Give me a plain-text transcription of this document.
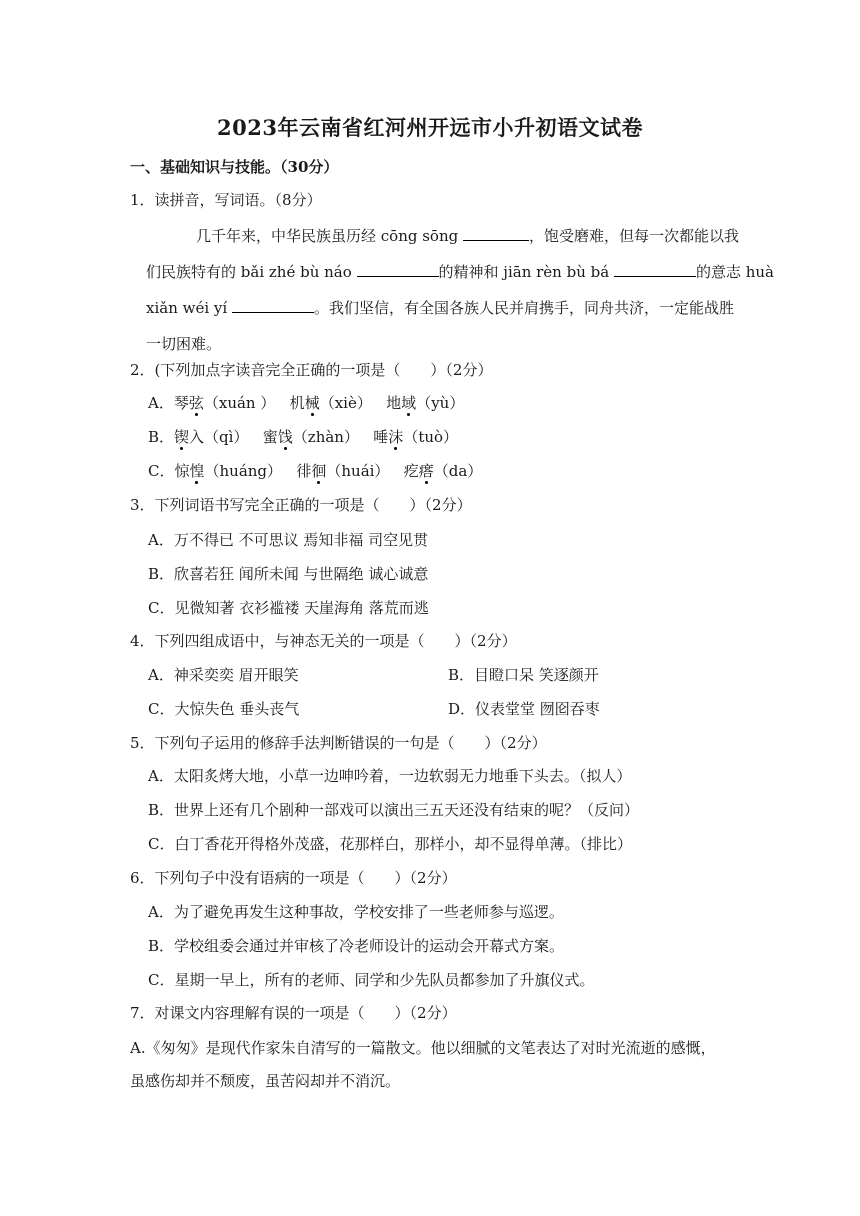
2023年云南省红河州开远市小升初语文试卷
一、基础知识与技能。（30分）
1．读拼音，写词语。（8分）
几千年来，中华民族虽历经 cōng sōng	，饱受磨难，但每一次都能以我
们民族特有的 bǎi zhé bù náo	的精神和 jiān rèn bù bá	的意志 huà
xiǎn wéi yí	。我们坚信，有全国各族人民并肩携手，同舟共济，一定能战胜
一切困难。
2．(下列加点字读音完全正确的一项是（　　）（2分）
A．琴弦（xuán ） 机械（xiè） 地域（yù）
B．锲入（qì） 蜜饯（zhàn） 唾沫（tuò）
C．惊惶（huáng） 徘徊（huái） 疙瘩（da）
3．下列词语书写完全正确的一项是（　　）（2分）
A．万不得已 不可思议 焉知非福 司空见贯
B．欣喜若狂 闻所未闻 与世隔绝 诚心诚意
C．见微知著 衣衫褴褛 天崖海角 落荒而逃
4．下列四组成语中，与神态无关的一项是（　　）（2分）
A．神采奕奕 眉开眼笑	B．目瞪口呆 笑逐颜开
C．大惊失色 垂头丧气	D．仪表堂堂 囫囵吞枣
5．下列句子运用的修辞手法判断错误的一句是（　　）（2分）
A．太阳炙烤大地，小草一边呻吟着，一边软弱无力地垂下头去。（拟人）
B．世界上还有几个剧种一部戏可以演出三五天还没有结束的呢？（反问）
C．白丁香花开得格外茂盛，花那样白，那样小，却不显得单薄。（排比）
6．下列句子中没有语病的一项是（　　）（2分）
A．为了避免再发生这种事故，学校安排了一些老师参与巡逻。
B．学校组委会通过并审核了冷老师设计的运动会开幕式方案。
C．星期一早上，所有的老师、同学和少先队员都参加了升旗仪式。
7．对课文内容理解有误的一项是（　　）（2分）
A.《匆匆》是现代作家朱自清写的一篇散文。他以细腻的文笔表达了对时光流逝的感慨，
虽感伤却并不颓废，虽苦闷却并不消沉。
